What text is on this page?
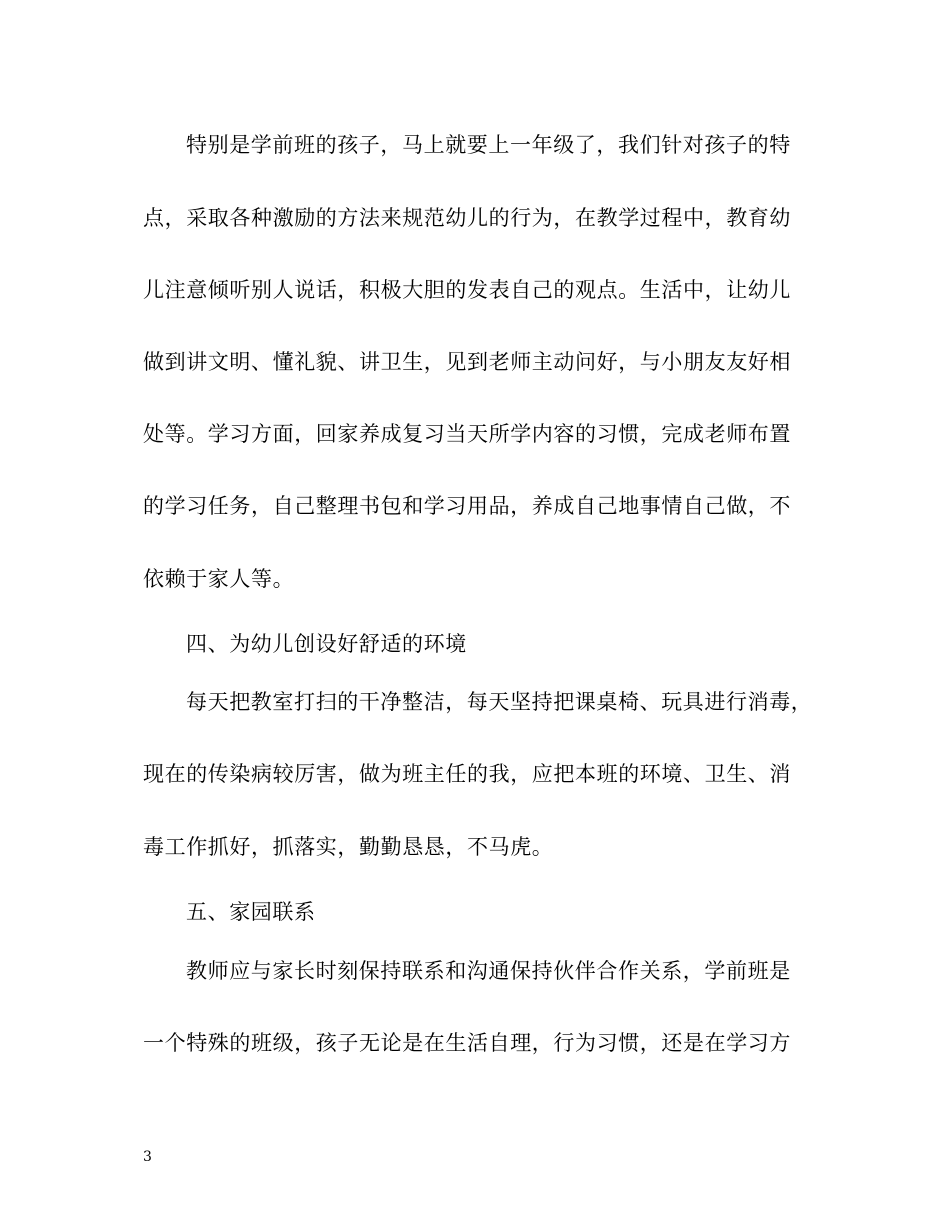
特别是学前班的孩子，马上就要上一年级了，我们针对孩子的特
点，采取各种激励的方法来规范幼儿的行为，在教学过程中，教育幼
儿注意倾听别人说话，积极大胆的发表自己的观点。生活中，让幼儿
做到讲文明、懂礼貌、讲卫生，见到老师主动问好，与小朋友友好相
处等。学习方面，回家养成复习当天所学内容的习惯，完成老师布置
的学习任务，自己整理书包和学习用品，养成自己地事情自己做，不
依赖于家人等。
四、为幼儿创设好舒适的环境
每天把教室打扫的干净整洁，每天坚持把课桌椅、玩具进行消毒，
现在的传染病较厉害，做为班主任的我，应把本班的环境、卫生、消
毒工作抓好，抓落实，勤勤恳恳，不马虎。
五、家园联系
教师应与家长时刻保持联系和沟通保持伙伴合作关系，学前班是
一个特殊的班级，孩子无论是在生活自理，行为习惯，还是在学习方
3
